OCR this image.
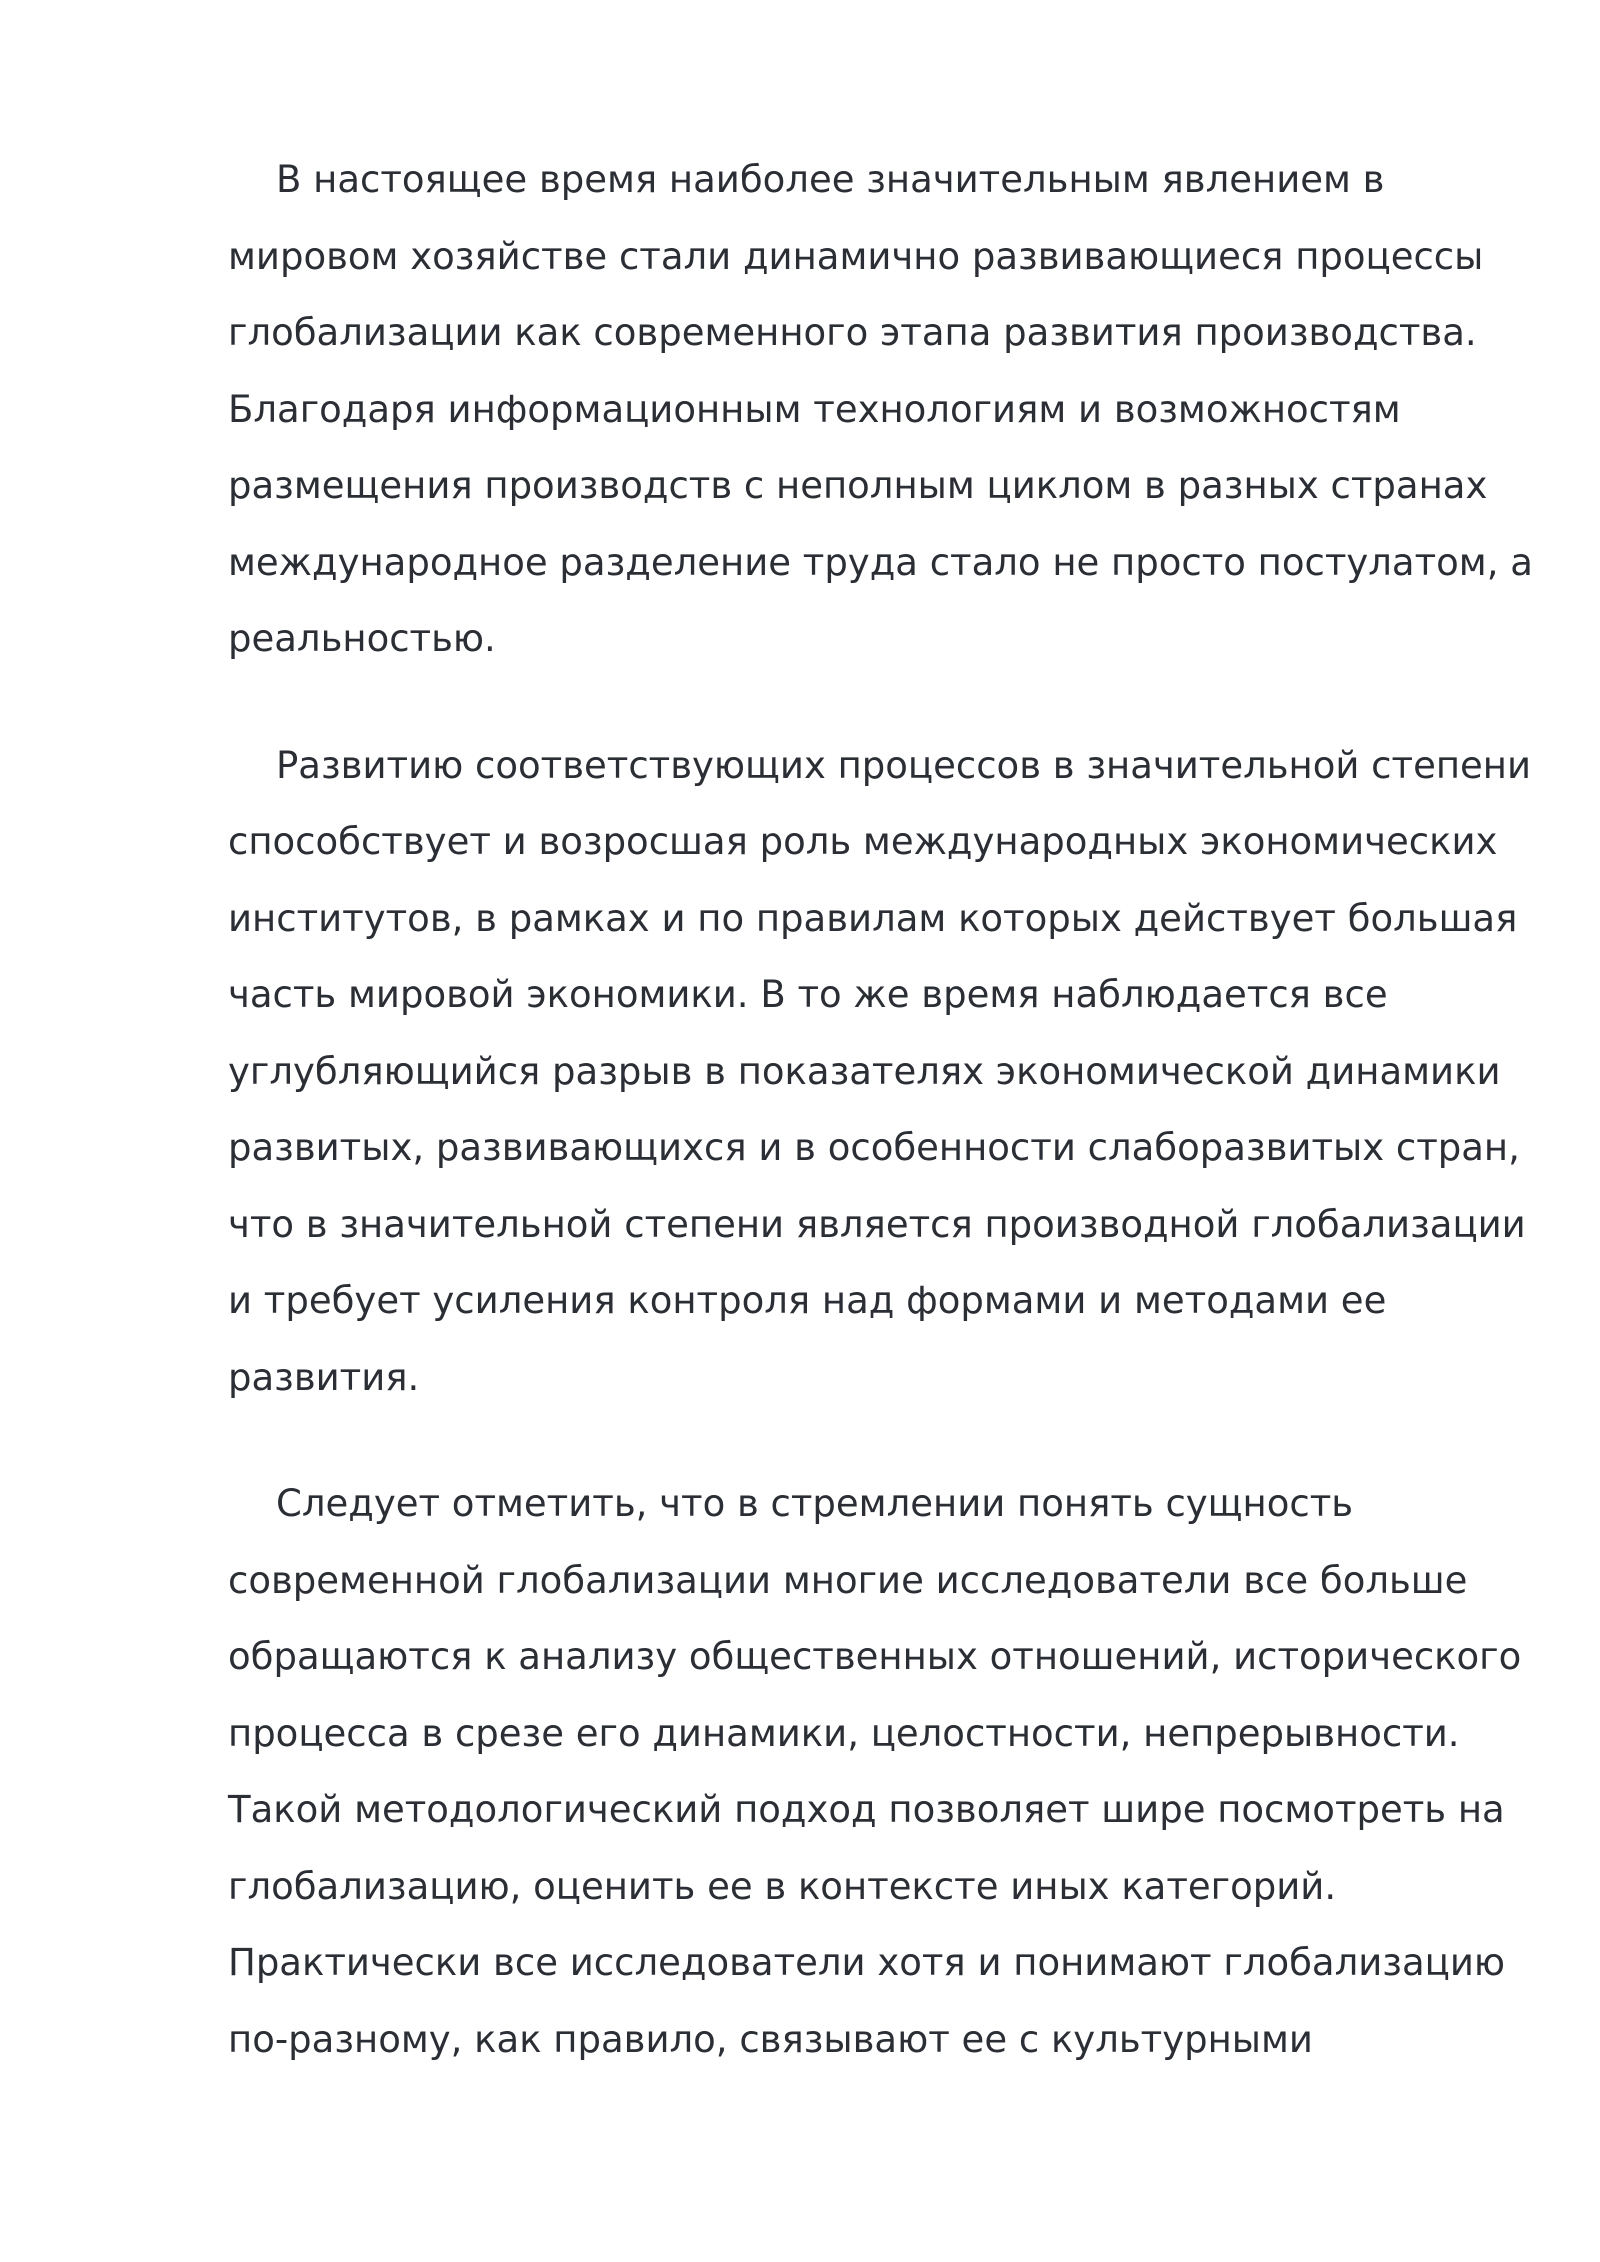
В настоящее время наиболее значительным явлением в
мировом хозяйстве стали динамично развивающиеся процессы
глобализации как современного этапа развития производства.
Благодаря информационным технологиям и возможностям
размещения производств с неполным циклом в разных странах
международное разделение труда стало не просто постулатом, а
реальностью.

Развитию соответствующих процессов в значительной степени
способствует и возросшая роль международных экономических
институтов, в рамках и по правилам которых действует большая
часть мировой экономики. В то же время наблюдается все
углубляющийся разрыв в показателях экономической динамики
развитых, развивающихся и в особенности слаборазвитых стран,
что в значительной степени является производной глобализации
и требует усиления контроля над формами и методами ее
развития.

Следует отметить, что в стремлении понять сущность
современной глобализации многие исследователи все больше
обращаются к анализу общественных отношений, исторического
процесса в срезе его динамики, целостности, непрерывности.
Такой методологический подход позволяет шире посмотреть на
глобализацию, оценить ее в контексте иных категорий.
Практически все исследователи хотя и понимают глобализацию
по-разному, как правило, связывают ее с культурными
